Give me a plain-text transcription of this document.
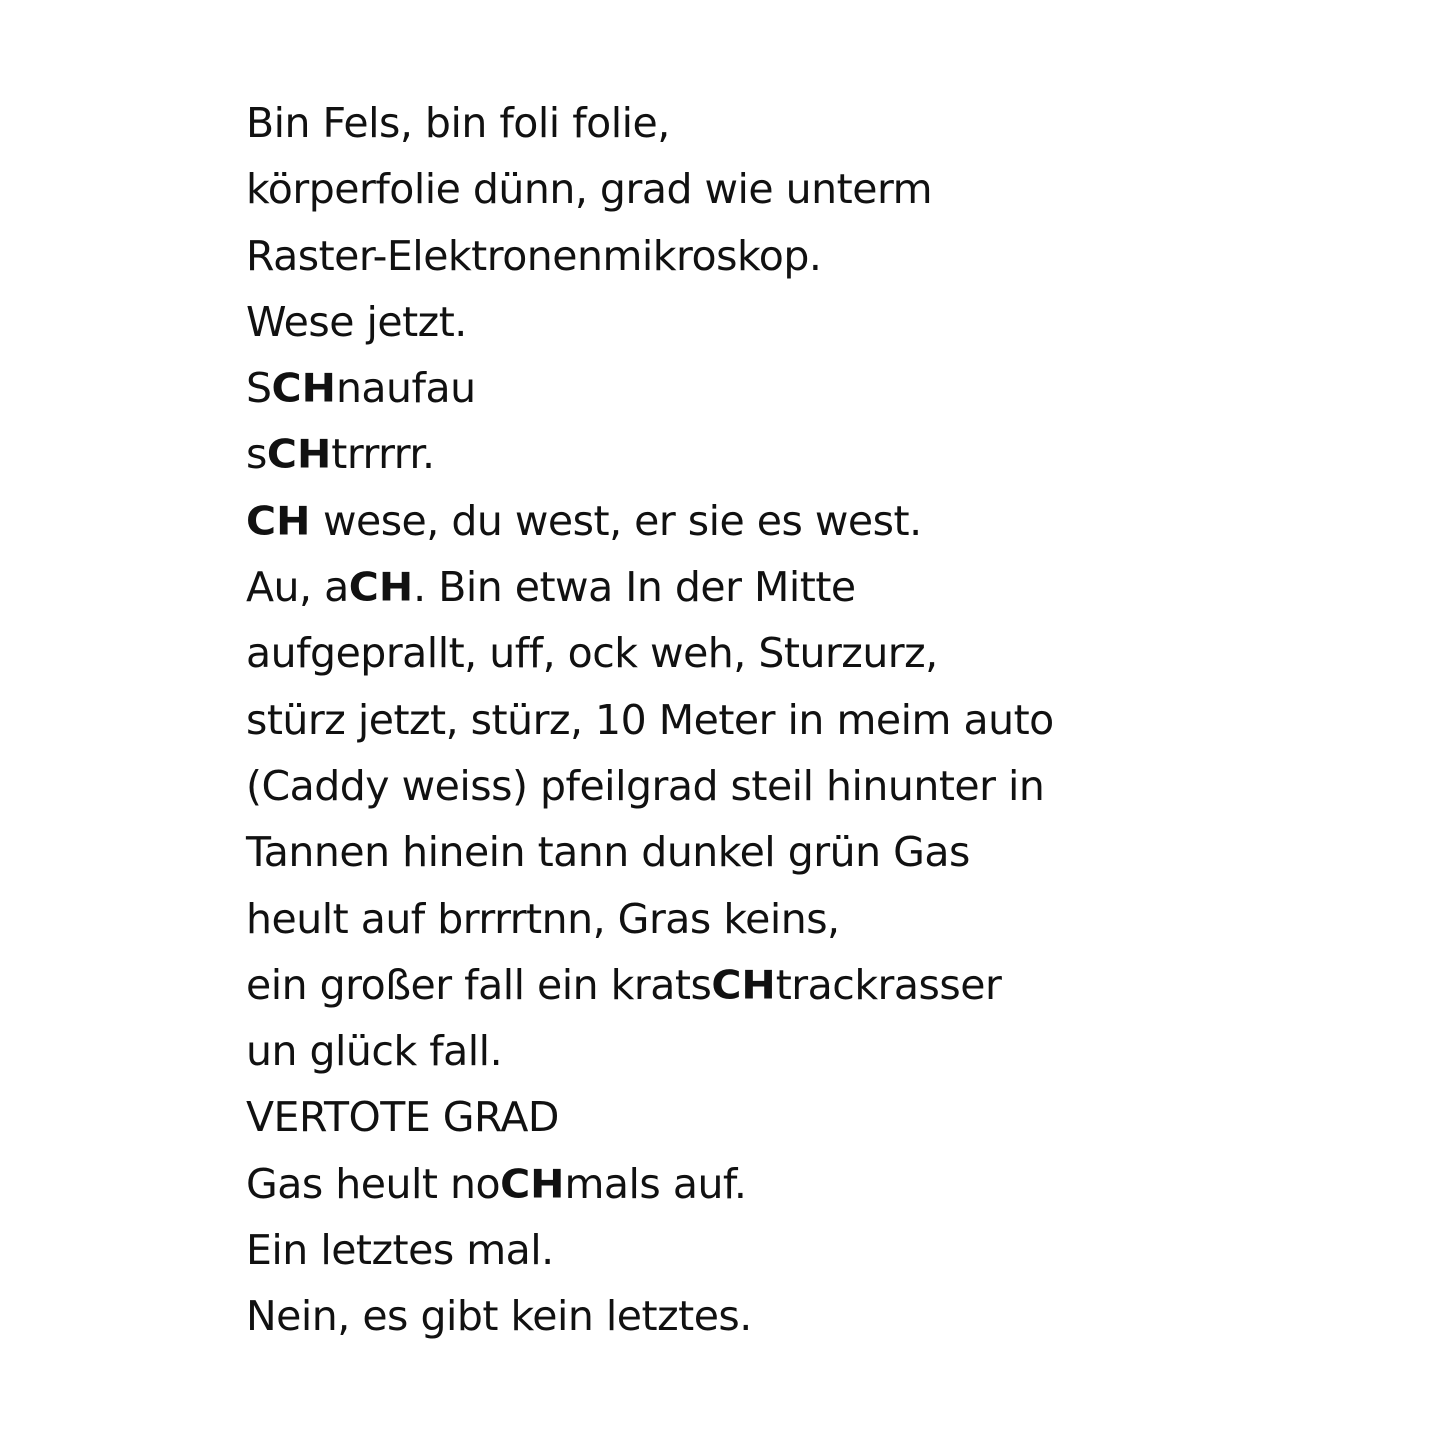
Bin Fels, bin foli folie,
körperfolie dünn, grad wie unterm
Raster-Elektronenmikroskop.
Wese jetzt.
SCHnaufau
sCHtrrrrr.
CH wese, du west, er sie es west.
Au, aCH. Bin etwa In der Mitte
aufgeprallt, uff, ock weh, Sturzurz,
stürz jetzt, stürz, 10 Meter in meim auto
(Caddy weiss) pfeilgrad steil hinunter in
Tannen hinein tann dunkel grün Gas
heult auf brrrrtnn, Gras keins,
ein großer fall ein kratsCHtrackrasser
un glück fall.
VERTOTE GRAD
Gas heult noCHmals auf.
Ein letztes mal.
Nein, es gibt kein letztes.
